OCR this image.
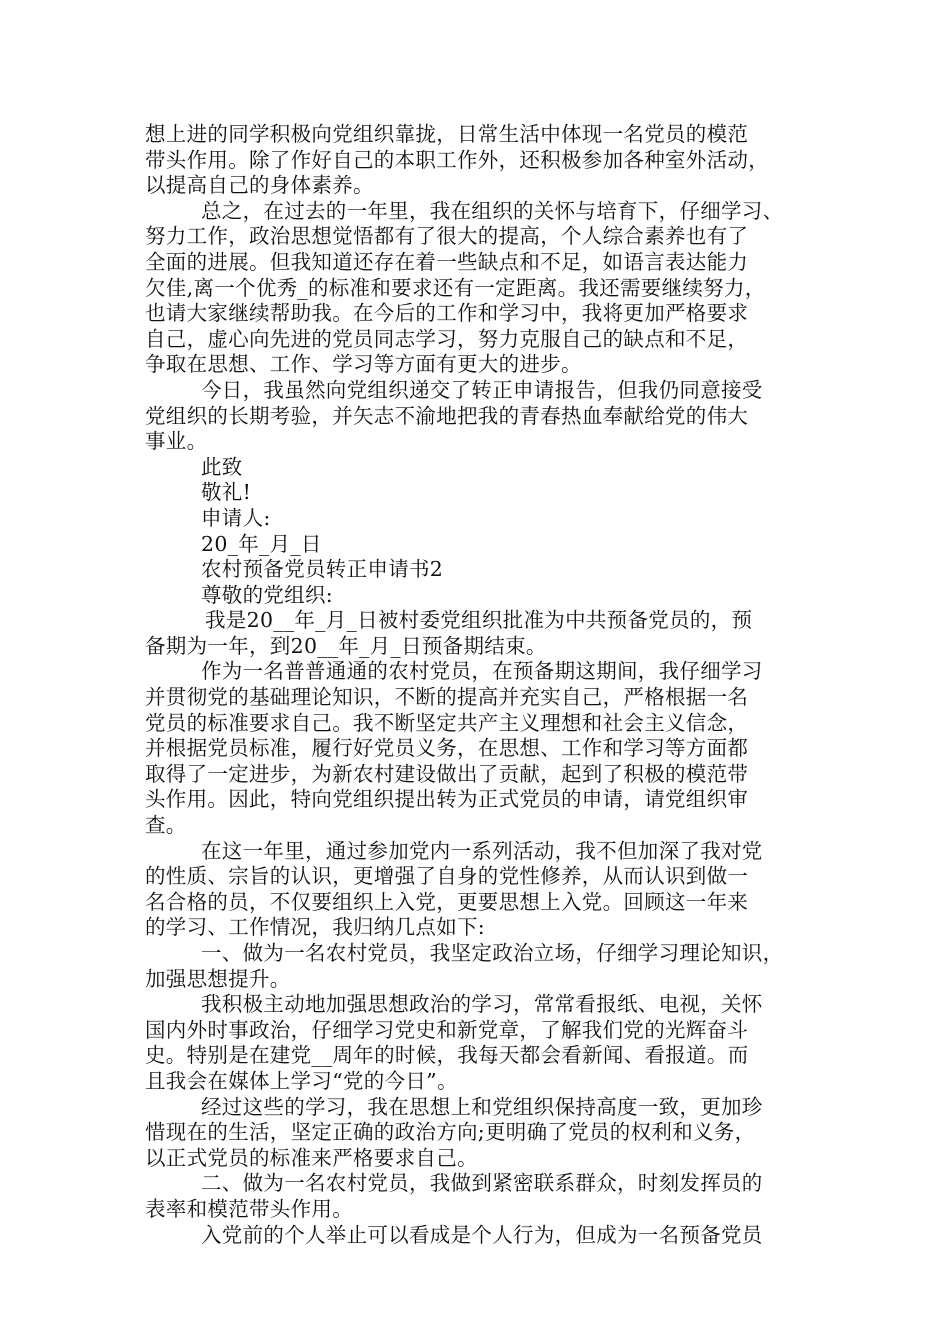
想上进的同学积极向党组织靠拢，日常生活中体现一名党员的模范
带头作用。除了作好自己的本职工作外，还积极参加各种室外活动，
以提高自己的身体素养。
总之，在过去的一年里，我在组织的关怀与培育下，仔细学习、
努力工作，政治思想觉悟都有了很大的提高，个人综合素养也有了
全面的进展。但我知道还存在着一些缺点和不足，如语言表达能力
欠佳,离一个优秀_的标准和要求还有一定距离。我还需要继续努力，
也请大家继续帮助我。在今后的工作和学习中，我将更加严格要求
自己，虚心向先进的党员同志学习，努力克服自己的缺点和不足，
争取在思想、工作、学习等方面有更大的进步。
今日，我虽然向党组织递交了转正申请报告，但我仍同意接受
党组织的长期考验，并矢志不渝地把我的青春热血奉献给党的伟大
事业。
此致
敬礼!
申请人:
20_年_月_日
农村预备党员转正申请书2
尊敬的党组织:
我是20__年_月_日被村委党组织批准为中共预备党员的，预
备期为一年，到20__年_月_日预备期结束。
作为一名普普通通的农村党员，在预备期这期间，我仔细学习
并贯彻党的基础理论知识，不断的提高并充实自己，严格根据一名
党员的标准要求自己。我不断坚定共产主义理想和社会主义信念，
并根据党员标准，履行好党员义务，在思想、工作和学习等方面都
取得了一定进步，为新农村建设做出了贡献，起到了积极的模范带
头作用。因此，特向党组织提出转为正式党员的申请，请党组织审
查。
在这一年里，通过参加党内一系列活动，我不但加深了我对党
的性质、宗旨的认识，更增强了自身的党性修养，从而认识到做一
名合格的员，不仅要组织上入党，更要思想上入党。回顾这一年来
的学习、工作情况，我归纳几点如下:
一、做为一名农村党员，我坚定政治立场，仔细学习理论知识，
加强思想提升。
我积极主动地加强思想政治的学习，常常看报纸、电视，关怀
国内外时事政治，仔细学习党史和新党章，了解我们党的光辉奋斗
史。特别是在建党__周年的时候，我每天都会看新闻、看报道。而
且我会在媒体上学习“党的今日”。
经过这些的学习，我在思想上和党组织保持高度一致，更加珍
惜现在的生活，坚定正确的政治方向;更明确了党员的权利和义务，
以正式党员的标准来严格要求自己。
二、做为一名农村党员，我做到紧密联系群众，时刻发挥员的
表率和模范带头作用。
入党前的个人举止可以看成是个人行为，但成为一名预备党员
